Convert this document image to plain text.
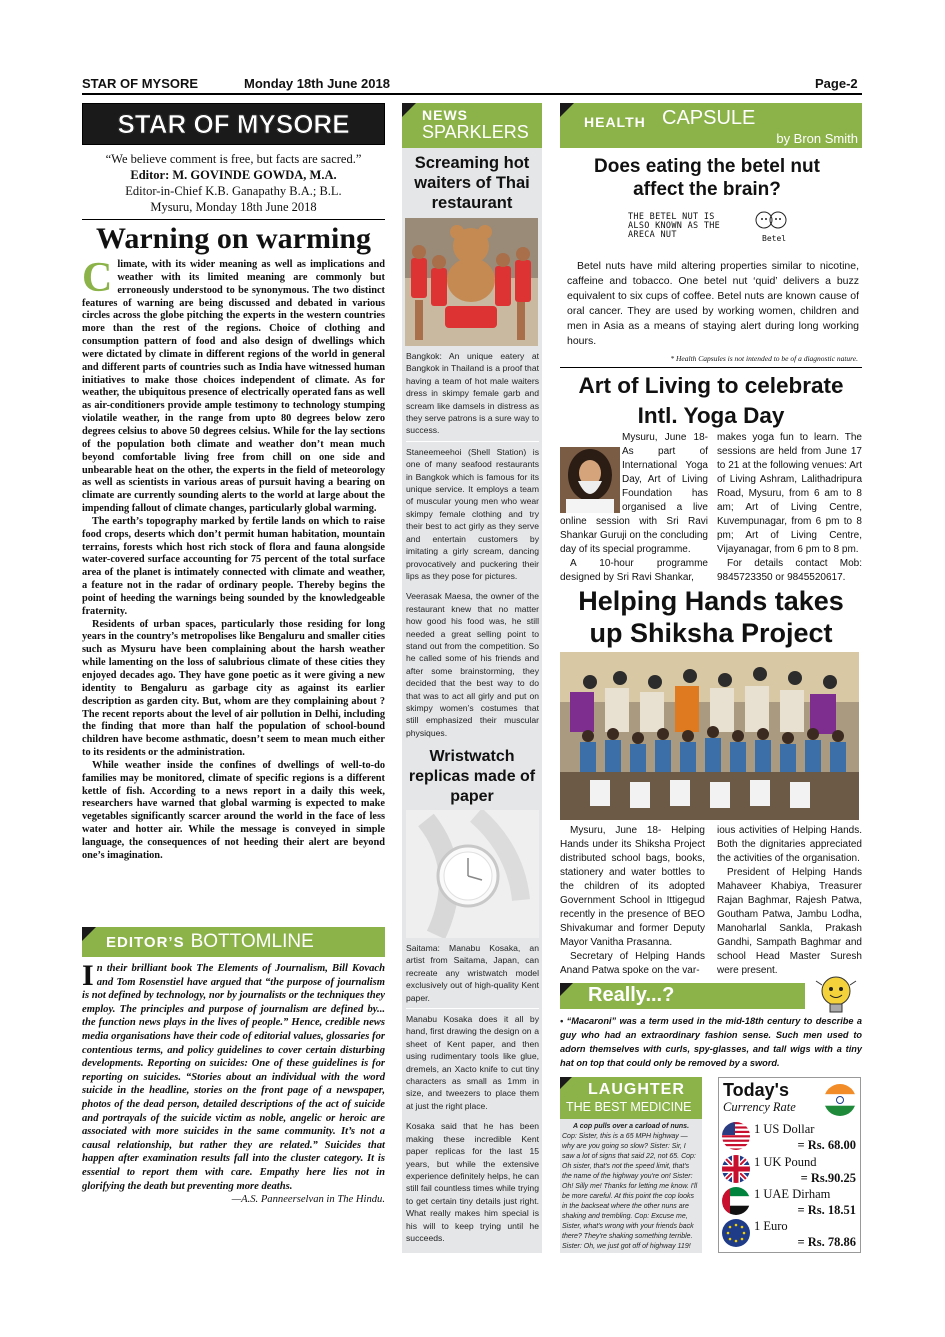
STAR OF MYSORE	Monday 18th June 2018	Page-2
STAR OF MYSORE
“We believe comment is free, but facts are sacred.”
Editor: M. GOVINDE GOWDA, M.A.
Editor-in-Chief K.B. Ganapathy B.A.; B.L.
Mysuru, Monday 18th June 2018
Warning on warming

Climate, with its wider meaning as well as implications and weather with its limited meaning are commonly but erroneously understood to be synonymous. The two distinct features of warning are being discussed and debated in various circles across the globe pitching the experts in the western countries more than the rest of the regions. Choice of clothing and consumption pattern of food and also design of dwellings which were dictated by climate in different regions of the world in general and different parts of countries such as India have witnessed human initiatives to make those choices independent of climate. As for weather, the ubiquitous presence of electrically operated fans as well as air-conditioners provide ample testimony to technology stumping violatile weather, in the range from upto 80 degrees below zero degrees celsius to above 50 degrees celsius. While for the lay sections of the population both climate and weather don’t mean much beyond comfortable living free from chill on one side and unbearable heat on the other, the experts in the field of meteorology as well as scientists in various areas of pursuit having a bearing on climate are currently sounding alerts to the world at large about the impending fallout of climate changes, particularly global warming.

The earth’s topography marked by fertile lands on which to raise food crops, deserts which don’t permit human habitation, mountain terrains, forests which host rich stock of flora and fauna alongside water-covered surface accounting for 75 percent of the total surface area of the planet is intimately connected with climate and weather, a feature not in the radar of ordinary people. Thereby begins the point of heeding the warnings being sounded by the knowledgeable fraternity.

Residents of urban spaces, particularly those residing for long years in the country’s metropolises like Bengaluru and smaller cities such as Mysuru have been complaining about the harsh weather while lamenting on the loss of salubrious climate of these cities they enjoyed decades ago. They have gone poetic as it were giving a new identity to Bengaluru as garbage city as against its earlier description as garden city. But, whom are they complaining about ? The recent reports about the level of air pollution in Delhi, including the finding that more than half the population of school-bound children have become asthmatic, doesn’t seem to mean much either to its residents or the administration.

While weather inside the confines of dwellings of well-to-do families may be monitored, climate of specific regions is a different kettle of fish. According to a news report in a daily this week, researchers have warned that global warming is expected to make vegetables significantly scarcer around the world in the face of less water and hotter air. While the message is conveyed in simple language, the consequences of not heeding their alert are beyond one’s imagination.

EDITOR’S BOTTOMLINE
In their brilliant book The Elements of Journalism, Bill Kovach and Tom Rosenstiel have argued that “the purpose of journalism is not defined by technology, nor by journalists or the techniques they employ. The principles and purpose of journalism are defined by... the function news plays in the lives of people.” Hence, credible news media organisations have their code of editorial values, glossaries for contentious terms, and policy guidelines to cover certain disturbing developments. Reporting on suicides: One of these guidelines is for reporting on suicides. “Stories about an individual with the word suicide in the headline, stories on the front page of a newspaper, photos of the dead person, detailed descriptions of the act of suicide and portrayals of the suicide victim as noble, angelic or heroic are associated with more suicides in the same community. It’s not a causal relationship, but rather they are related.” Suicides that happen after examination results fall into the cluster category. It is essential to report them with care. Empathy here lies not in glorifying the death but preventing more deaths.
—A.S. Panneerselvan in The Hindu.
NEWS
SPARKLERS
Screaming hot waiters of Thai restaurant

Bangkok: An unique eatery at Bangkok in Thailand is a proof that having a team of hot male waiters dress in skimpy female garb and scream like damsels in distress as they serve patrons is a sure way to success.

Staneemeehoi (Shell Station) is one of many seafood restaurants in Bangkok which is famous for its unique service. It employs a team of muscular young men who wear skimpy female clothing and try their best to act girly as they serve and entertain customers by imitating a girly scream, dancing provocatively and puckering their lips as they pose for pictures.

Veerasak Maesa, the owner of the restaurant knew that no matter how good his food was, he still needed a great selling point to stand out from the competition. So he called some of his friends and after some brainstorming, they decided that the best way to do that was to act all girly and put on skimpy women’s costumes that still emphasized their muscular physiques.

Wristwatch replicas made of paper

Saitama: Manabu Kosaka, an artist from Saitama, Japan, can recreate any wristwatch model exclusively out of high-quality Kent paper.

Manabu Kosaka does it all by hand, first drawing the design on a sheet of Kent paper, and then using rudimentary tools like glue, dremels, an Xacto knife to cut tiny characters as small as 1mm in size, and tweezers to place them at just the right place.

Kosaka said that he has been making these incredible Kent paper replicas for the last 15 years, but while the extensive experience definitely helps, he can still fail countless times while trying to get certain tiny details just right. What really makes him special is his will to keep trying until he succeeds.

HEALTH CAPSULE
by Bron Smith
Does eating the betel nut affect the brain?
THE BETEL NUT IS ALSO KNOWN AS THE ARECA NUT	Betel
Betel nuts have mild altering properties similar to nicotine, caffeine and tobacco. One betel nut ‘quid’ delivers a buzz equivalent to six cups of coffee. Betel nuts are known cause of oral cancer. They are used by working women, children and men in Asia as a means of staying alert during long working hours.
* Health Capsules is not intended to be of a diagnostic nature.
Art of Living to celebrate Intl. Yoga Day

Mysuru, June 18- As part of International Yoga Day, Art of Living Foundation has organised a live online session with Sri Ravi Shankar Guruji on the concluding day of its special programme.

A 10-hour programme designed by Sri Ravi Shankar,

makes yoga fun to learn. The sessions are held from June 17 to 21 at the following venues: Art of Living Ashram, Lalithadripura Road, Mysuru, from 6 am to 8 am; Art of Living Centre, Kuvempunagar, from 6 pm to 8 pm; Art of Living Centre, Vijayanagar, from 6 pm to 8 pm.

For details contact Mob: 9845723350 or 9845520617.

Helping Hands takes up Shiksha Project

Mysuru, June 18- Helping Hands under its Shiksha Project distributed school bags, books, stationery and water bottles to the children of its adopted Government School in Ittigegud recently in the presence of BEO Shivakumar and former Deputy Mayor Vanitha Prasanna.

Secretary of Helping Hands Anand Patwa spoke on the var-

ious activities of Helping Hands. Both the dignitaries appreciated the activities of the organisation.

President of Helping Hands Mahaveer Khabiya, Treasurer Rajan Baghmar, Rajesh Patwa, Goutham Patwa, Jambu Lodha, Manoharlal Sankla, Prakash Gandhi, Sampath Baghmar and school Head Master Suresh were present.

Really...?
• “Macaroni” was a term used in the mid-18th century to describe a guy who had an extraordinary fashion sense. Such men used to adorn themselves with curls, spy-glasses, and tall wigs with a tiny hat on top that could only be removed by a sword.
LAUGHTER
THE BEST MEDICINE
A cop pulls over a carload of nuns.
Cop: Sister, this is a 65 MPH highway — why are you going so slow? Sister: Sir, I saw a lot of signs that said 22, not 65. Cop: Oh sister, that's not the speed limit, that's the name of the highway you're on! Sister: Oh! Silly me! Thanks for letting me know. I'll be more careful. At this point the cop looks in the backseat where the other nuns are shaking and trembling. Cop: Excuse me, Sister, what's wrong with your friends back there? They're shaking something terrible. Sister: Oh, we just got off of highway 119!
Today's
Currency Rate
1 US Dollar
= Rs. 68.00
1 UK Pound
= Rs.90.25
1 UAE Dirham
= Rs. 18.51
1 Euro
= Rs. 78.86
